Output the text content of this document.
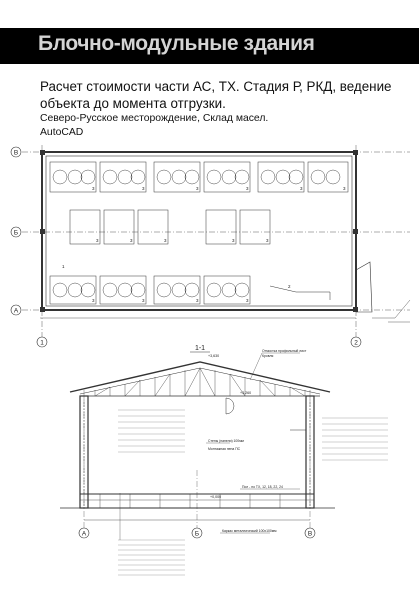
Блочно-модульные здания
Расчет стоимости части АС, ТХ. Стадия Р, РКД, ведение объекта до момента отгрузки.
Северо-Русское месторождение, Склад масел.
AutoCAD
В
Б
А
1	2
3	3	3	3	3	3
3	3	3	3	3
3	3	3	3
1
2
1-1
А	Б	В
+3,630
+3,260
+0,000
Отмостка профильный лист
Кровля
Стены (панели) 100мм
Монтажная пена ПС
Пол - по ТХ, 12, 18, 22, 24
Каркас металлический 100х100мм
